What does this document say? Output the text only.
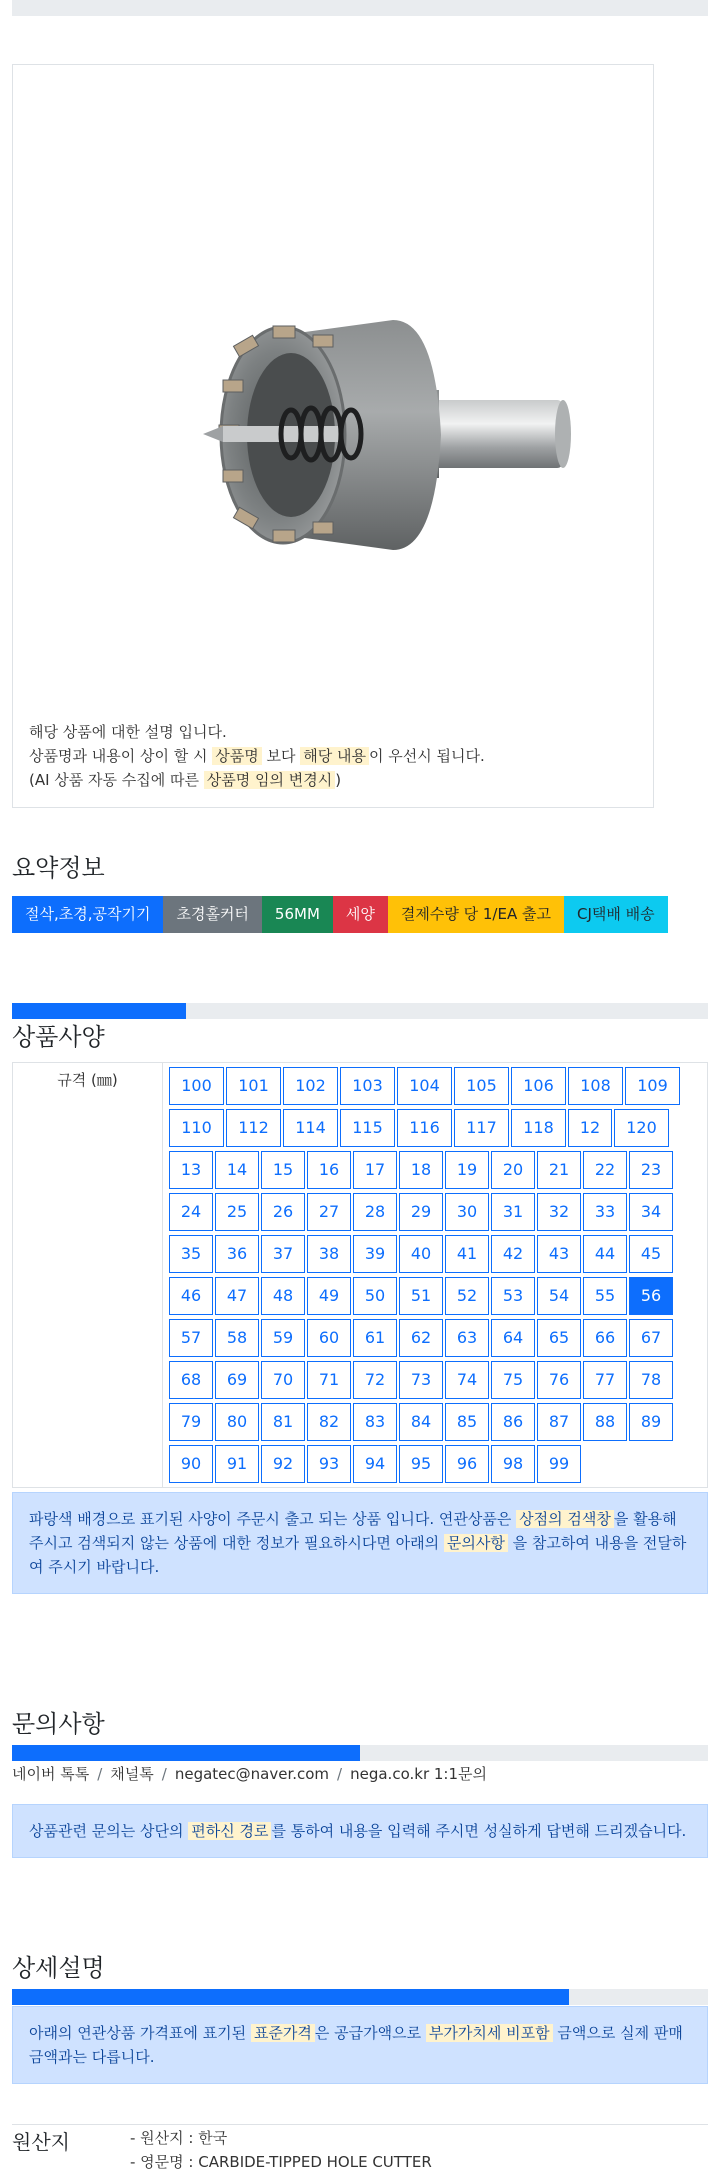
해당 상품에 대한 설명 입니다.
상품명과 내용이 상이 할 시 상품명 보다 해당 내용 이 우선시 됩니다.
(AI 상품 자동 수집에 따른 상품명 임의 변경시 )
요약정보
절삭,초경,공작기기	초경홀커터	56MM	세양	결제수량 당 1/EA 출고	CJ택배 배송
상품사양
규격 (㎜)	100	101	102	103	104	105	106	108	109
110	112	114	115	116	117	118	12	120
13	14	15	16	17	18	19	20	21	22	23
24	25	26	27	28	29	30	31	32	33	34
35	36	37	38	39	40	41	42	43	44	45
46	47	48	49	50	51	52	53	54	55	56
57	58	59	60	61	62	63	64	65	66	67
68	69	70	71	72	73	74	75	76	77	78
79	80	81	82	83	84	85	86	87	88	89
90	91	92	93	94	95	96	98	99
파랑색 배경으로 표기된 사양이 주문시 출고 되는 상품 입니다. 연관상품은 상점의 검색창 을 활용해 주시고 검색되지 않는 상품에 대한 정보가 필요하시다면 아래의 문의사항 을 참고하여 내용을 전달하여 주시기 바랍니다.
문의사항
네이버 톡톡 / 채널톡 / negatec@naver.com / nega.co.kr 1:1문의
상품관련 문의는 상단의 편하신 경로 를 통하여 내용을 입력해 주시면 성실하게 답변해 드리겠습니다.
상세설명
아래의 연관상품 가격표에 표기된 표준가격 은 공급가액으로 부가가치세 비포함 금액으로 실제 판매금액과는 다릅니다.
원산지	- 원산지 : 한국
- 영문명 : CARBIDE-TIPPED HOLE CUTTER
